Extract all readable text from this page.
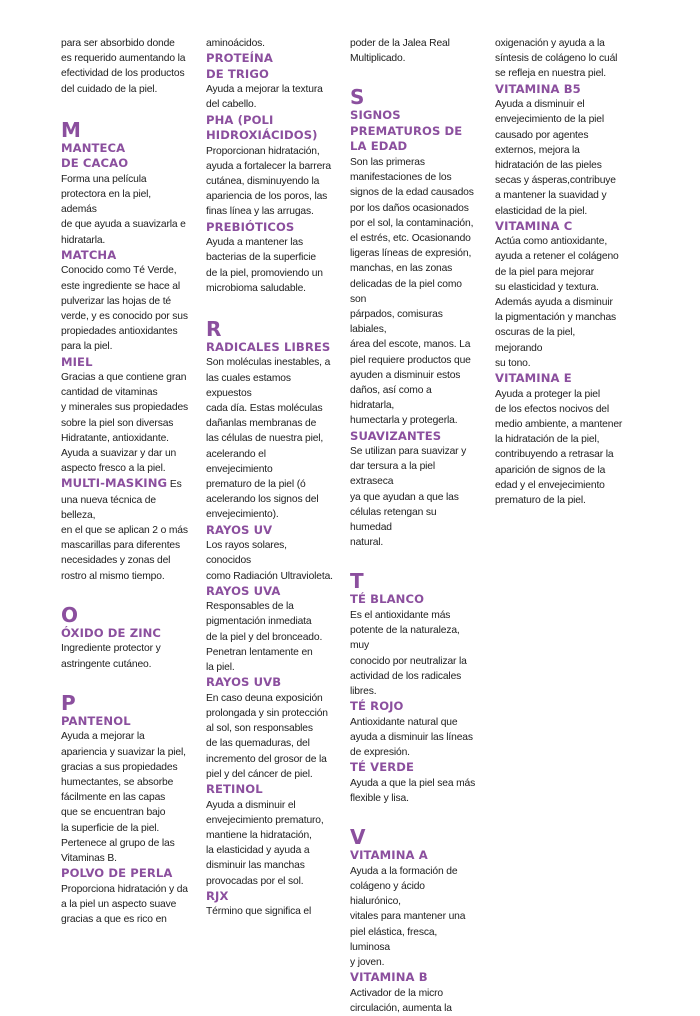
para ser absorbido donde
es requerido aumentando la
efectividad de los productos
del cuidado de la piel.

M

MANTECA
DE CACAO

Forma una película
protectora en la piel, además
de que ayuda a suavizarla e
hidratarla.

MATCHA

Conocido como Té Verde,
este ingrediente se hace al
pulverizar las hojas de té
verde, y es conocido por sus
propiedades antioxidantes
para la piel.

MIEL

Gracias a que contiene gran
cantidad de vitaminas
y minerales sus propiedades
sobre la piel son diversas
Hidratante, antioxidante.
Ayuda a suavizar y dar un
aspecto fresco a la piel.

MULTI-MASKING Es
una nueva técnica de belleza,
en el que se aplican 2 o más
mascarillas para diferentes
necesidades y zonas del
rostro al mismo tiempo.

O

ÓXIDO DE ZINC

Ingrediente protector y
astringente cutáneo.

P

PANTENOL

Ayuda a mejorar la
apariencia y suavizar la piel,
gracias a sus propiedades
humectantes, se absorbe
fácilmente en las capas
que se encuentran bajo
la superficie de la piel.
Pertenece al grupo de las
Vitaminas B.

POLVO DE PERLA

Proporciona hidratación y da
a la piel un aspecto suave
gracias a que es rico en

aminoácidos.

PROTEÍNA
DE TRIGO

Ayuda a mejorar la textura
del cabello.

PHA (POLI
HIDROXIÁCIDOS)

Proporcionan hidratación,
ayuda a fortalecer la barrera
cutánea, disminuyendo la
apariencia de los poros, las
finas línea y las arrugas.

PREBIÓTICOS

Ayuda a mantener las
bacterias de la superficie
de la piel, promoviendo un
microbioma saludable.

R

RADICALES LIBRES

Son moléculas inestables, a
las cuales estamos expuestos
cada día. Estas moléculas
dañanlas membranas de
las células de nuestra piel,
acelerando el envejecimiento
prematuro de la piel (ó
acelerando los signos del
envejecimiento).

RAYOS UV

Los rayos solares, conocidos
como Radiación Ultravioleta.

RAYOS UVA

Responsables de la
pigmentación inmediata
de la piel y del bronceado.
Penetran lentamente en
la piel.

RAYOS UVB

En caso deuna exposición
prolongada y sin protección
al sol, son responsables
de las quemaduras, del
incremento del grosor de la
piel y del cáncer de piel.

RETINOL

Ayuda a disminuir el
envejecimiento prematuro,
mantiene la hidratación,
la elasticidad y ayuda a
disminuir las manchas
provocadas por el sol.

RJX

Término que significa el

poder de la Jalea Real
Multiplicado.

S

SIGNOS
PREMATUROS DE
LA EDAD

Son las primeras
manifestaciones de los
signos de la edad causados
por los daños ocasionados
por el sol, la contaminación,
el estrés, etc. Ocasionando
ligeras líneas de expresión,
manchas, en las zonas
delicadas de la piel como son
párpados, comisuras labiales,
área del escote, manos. La
piel requiere productos que
ayuden a disminuir estos
daños, así como a hidratarla,
humectarla y protegerla.

SUAVIZANTES

Se utilizan para suavizar y
dar tersura a la piel extraseca
ya que ayudan a que las
células retengan su humedad
natural.

T

TÉ BLANCO

Es el antioxidante más
potente de la naturaleza, muy
conocido por neutralizar la
actividad de los radicales
libres.

TÉ ROJO

Antioxidante natural que
ayuda a disminuir las líneas
de expresión.

TÉ VERDE

Ayuda a que la piel sea más
flexible y lisa.

V

VITAMINA A

Ayuda a la formación de
colágeno y ácido hialurónico,
vitales para mantener una
piel elástica, fresca, luminosa
y joven.

VITAMINA B

Activador de la micro
circulación, aumenta la

oxigenación y ayuda a la
síntesis de colágeno lo cuál
se refleja en nuestra piel.

VITAMINA B5

Ayuda a disminuir el
envejecimiento de la piel
causado por agentes
externos, mejora la
hidratación de las pieles
secas y ásperas,contribuye
a mantener la suavidad y
elasticidad de la piel.

VITAMINA C

Actúa como antioxidante,
ayuda a retener el colágeno
de la piel para mejorar
su elasticidad y textura.
Además ayuda a disminuir
la pigmentación y manchas
oscuras de la piel, mejorando
su tono.

VITAMINA E

Ayuda a proteger la piel
de los efectos nocivos del
medio ambiente, a mantener
la hidratación de la piel,
contribuyendo a retrasar la
aparición de signos de la
edad y el envejecimiento
prematuro de la piel.
